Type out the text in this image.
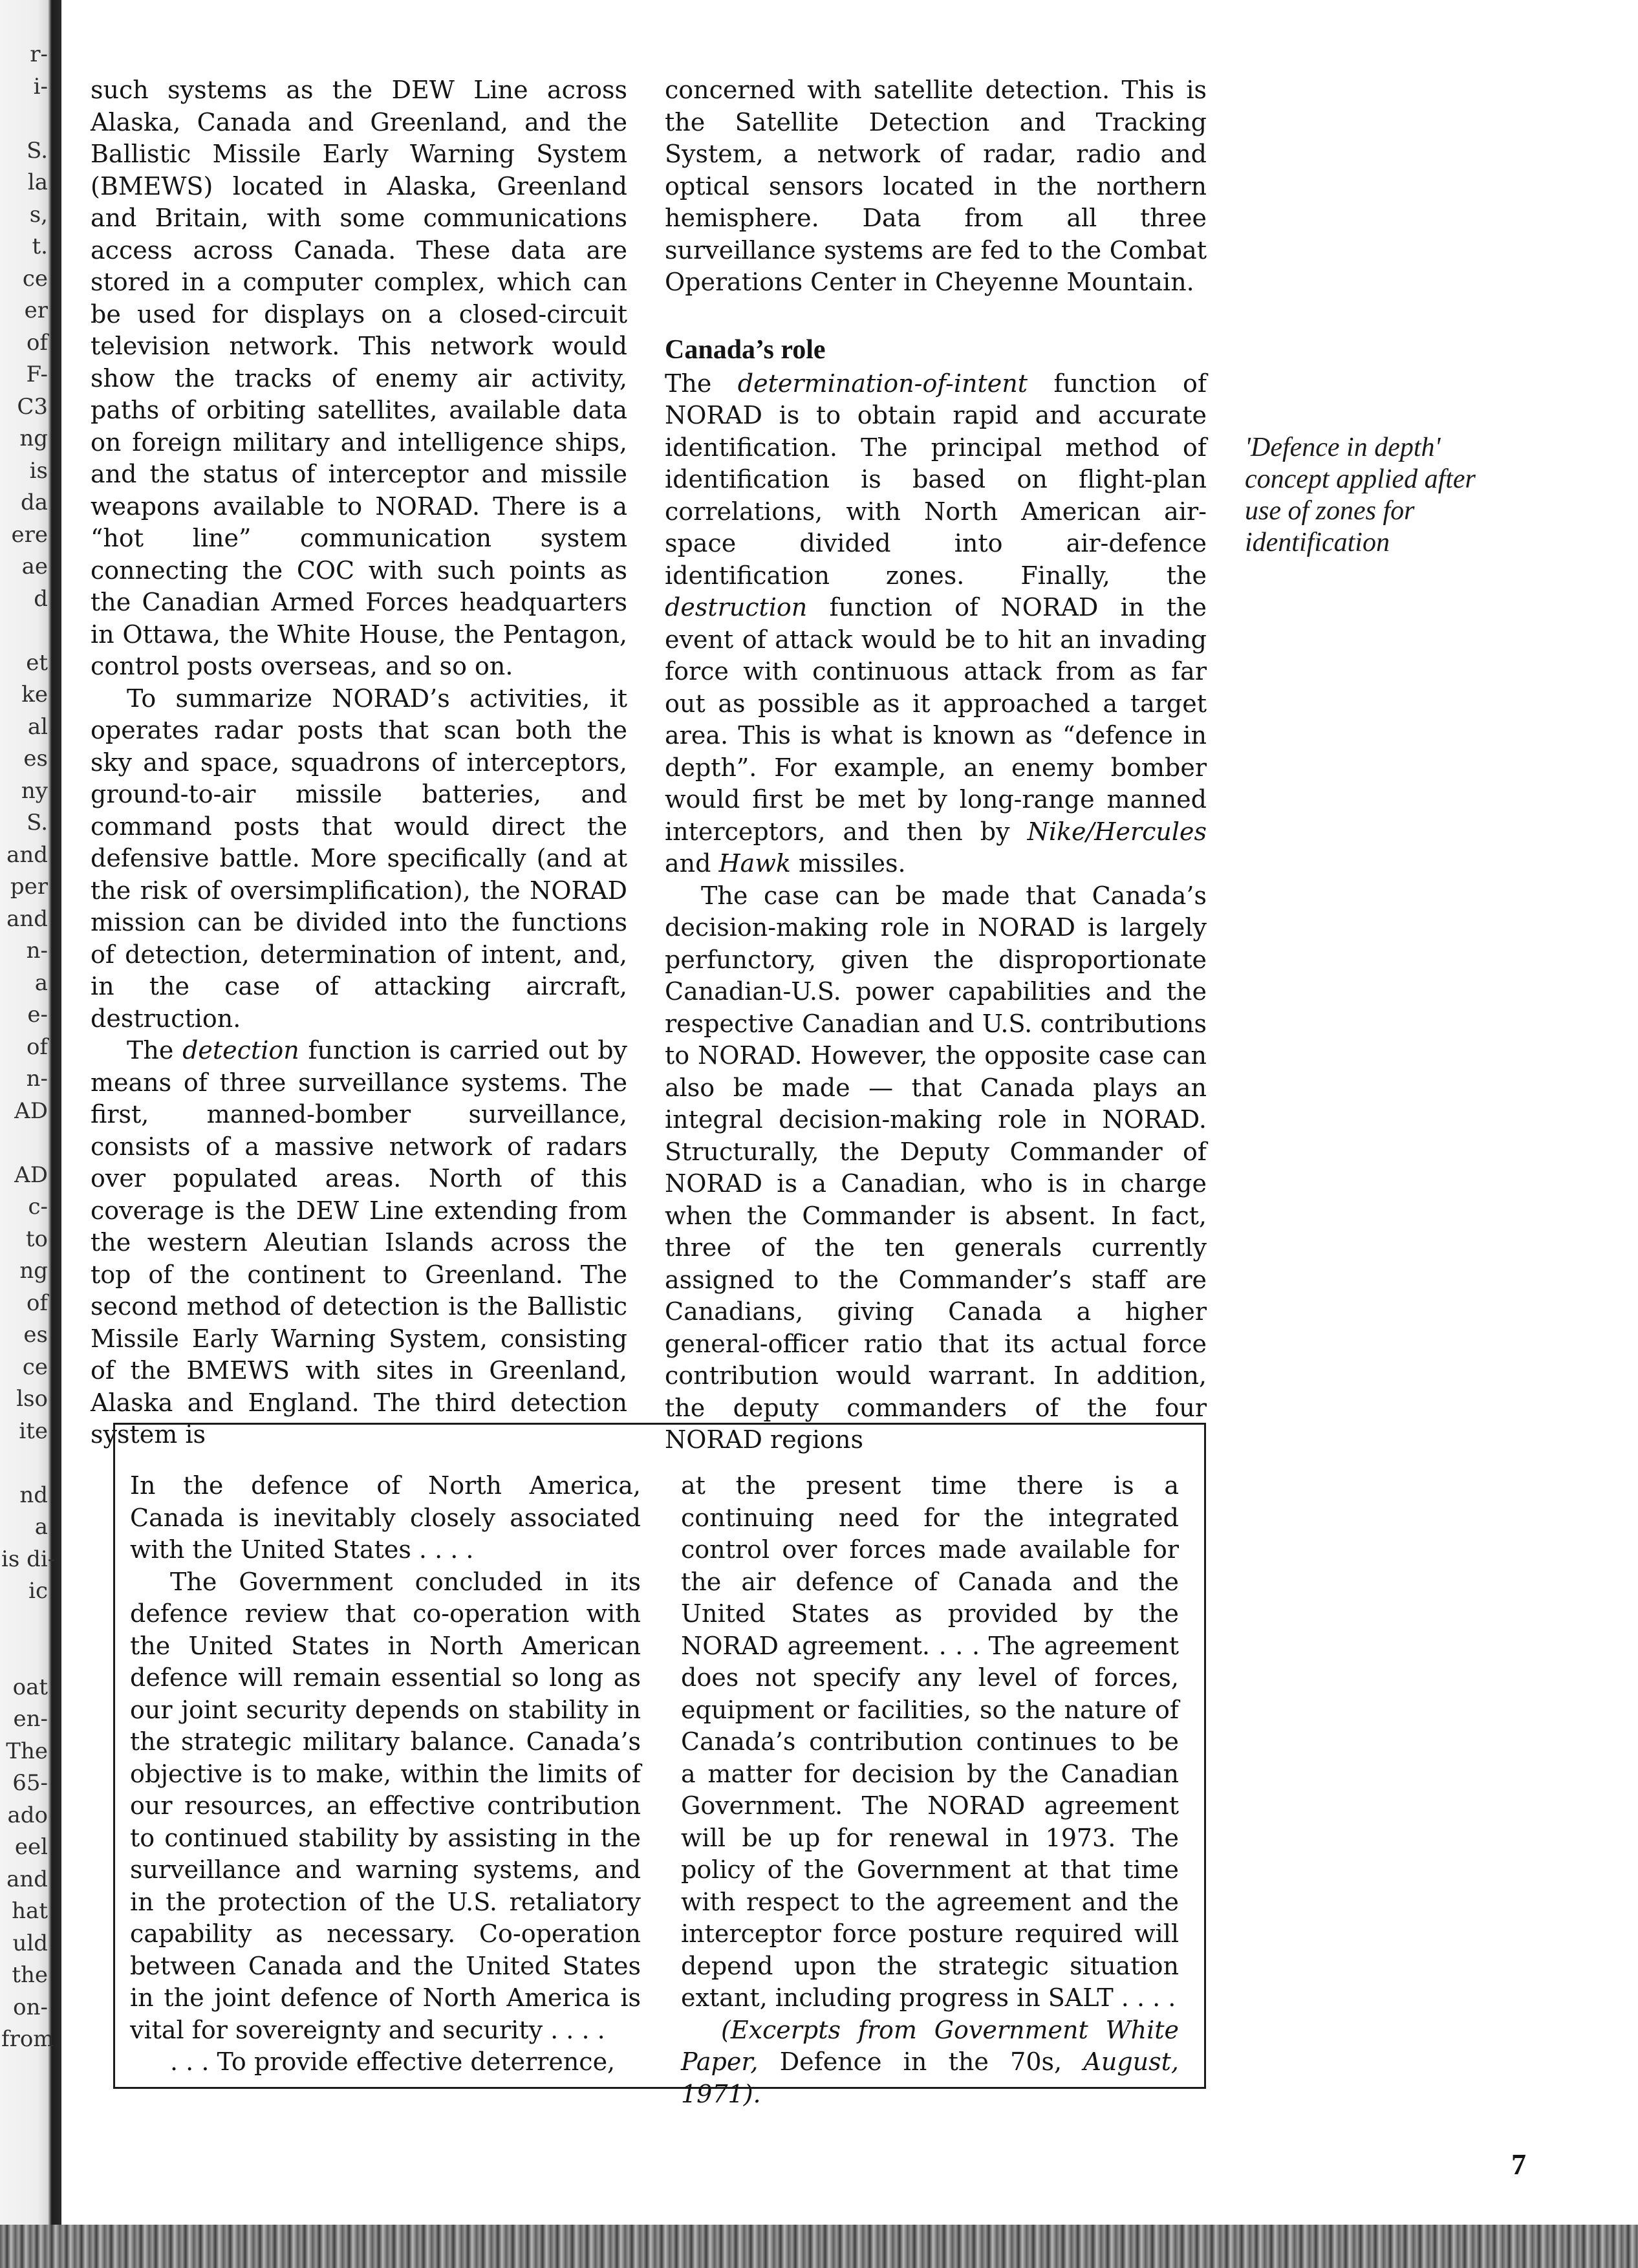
r-
i-
S.
la
s,
t.
ce
er
of
F-
C3
ng
is
da
ere
ae
d
et
ke
al
es
ny
S.
and
per
and
n-
a
e-
of
n-
AD
AD
c-
to
ng
of
es
ce
lso
ite
nd
a
is di-
ic
oat
en-
The
65-
ado
eel
and
hat
uld
the
on-
from

such systems as the DEW Line across Alaska, Canada and Greenland, and the Ballistic Missile Early Warning System (BMEWS) located in Alaska, Greenland and Britain, with some communications access across Canada. These data are stored in a computer complex, which can be used for displays on a closed-circuit television network. This network would show the tracks of enemy air activity, paths of orbiting satellites, available data on foreign military and intelligence ships, and the status of interceptor and missile weapons available to NORAD. There is a “hot line” communication system connecting the COC with such points as the Canadian Armed Forces headquarters in Ottawa, the White House, the Pentagon, control posts overseas, and so on.

To summarize NORAD’s activities, it operates radar posts that scan both the sky and space, squadrons of interceptors, ground-to-air missile batteries, and command posts that would direct the defensive battle. More specifically (and at the risk of oversimplification), the NORAD mission can be divided into the functions of detection, determination of intent, and, in the case of attacking aircraft, destruction.

The detection function is carried out by means of three surveillance systems. The first, manned-bomber surveillance, consists of a massive network of radars over populated areas. North of this coverage is the DEW Line extending from the western Aleutian Islands across the top of the continent to Greenland. The second method of detection is the Ballistic Missile Early Warning System, consisting of the BMEWS with sites in Greenland, Alaska and England. The third detection system is

concerned with satellite detection. This is the Satellite Detection and Tracking System, a network of radar, radio and optical sensors located in the northern hemisphere. Data from all three surveillance systems are fed to the Combat Operations Center in Cheyenne Mountain.

Canada’s role

The determination-of-intent function of NORAD is to obtain rapid and accurate identification. The principal method of identification is based on flight-plan correlations, with North American air-space divided into air-defence identification zones. Finally, the destruction function of NORAD in the event of attack would be to hit an invading force with continuous attack from as far out as possible as it approached a target area. This is what is known as “defence in depth”. For example, an enemy bomber would first be met by long-range manned interceptors, and then by Nike/Hercules and Hawk missiles.

The case can be made that Canada’s decision-making role in NORAD is largely perfunctory, given the disproportionate Canadian-U.S. power capabilities and the respective Canadian and U.S. contributions to NORAD. However, the opposite case can also be made — that Canada plays an integral decision-making role in NORAD. Structurally, the Deputy Commander of NORAD is a Canadian, who is in charge when the Commander is absent. In fact, three of the ten generals currently assigned to the Commander’s staff are Canadians, giving Canada a higher general-officer ratio that its actual force contribution would warrant. In addition, the deputy commanders of the four NORAD regions

'Defence in depth' concept applied after use of zones for identification

In the defence of North America, Canada is inevitably closely associated with the United States . . . .

The Government concluded in its defence review that co-operation with the United States in North American defence will remain essential so long as our joint security depends on stability in the strategic military balance. Canada’s objective is to make, within the limits of our resources, an effective contribution to continued stability by assisting in the surveillance and warning systems, and in the protection of the U.S. retaliatory capability as necessary. Co-operation between Canada and the United States in the joint defence of North America is vital for sovereignty and security . . . .

. . . To provide effective deterrence,

at the present time there is a continuing need for the integrated control over forces made available for the air defence of Canada and the United States as provided by the NORAD agreement. . . . The agreement does not specify any level of forces, equipment or facilities, so the nature of Canada’s contribution continues to be a matter for decision by the Canadian Government. The NORAD agreement will be up for renewal in 1973. The policy of the Government at that time with respect to the agreement and the interceptor force posture required will depend upon the strategic situation extant, including progress in SALT . . . .

(Excerpts from Government White Paper, Defence in the 70s, August, 1971).

7
